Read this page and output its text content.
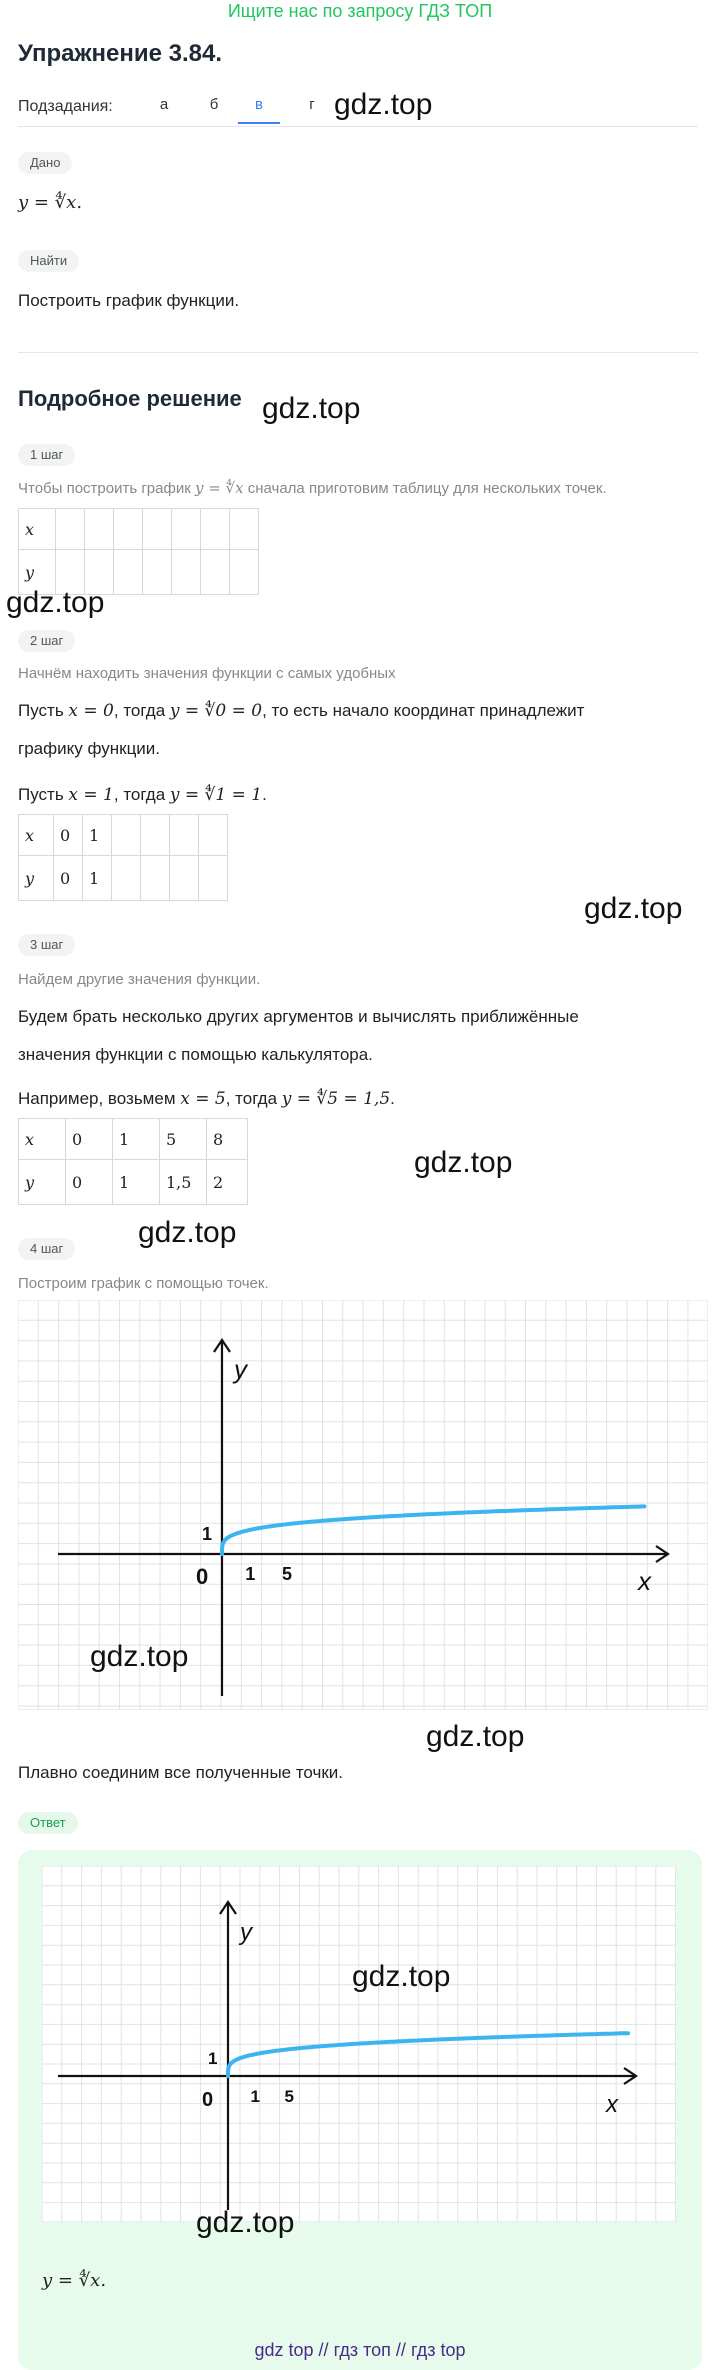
Ищите нас по запросу ГДЗ ТОП
Упражнение 3.84.
Подзадания:	а	б	в	г gdz.top
Дано
y = ∜x.
Найти
Построить график функции.
Подробное решение gdz.top
1 шаг
Чтобы построить график y = ∜x сначала приготовим таблицу для нескольких точек.
x							
y							
gdz.top
2 шаг
Начнём находить значения функции с самых удобных
Пусть x = 0, тогда y = ∜0 = 0, то есть начало координат принадлежит
графику функции.
Пусть x = 1, тогда y = ∜1 = 1.
x	0	1				
y	0	1				
gdz.top
3 шаг
Найдем другие значения функции.
Будем брать несколько других аргументов и вычислять приближённые
значения функции с помощью калькулятора.
Например, возьмем x = 5, тогда y = ∜5 = 1,5.
x	0	1	5	8
y	0	1	1,5	2
gdz.top
gdz.top
4 шаг
Построим график с помощью точек.
y
x
0
1
1 5
gdz.top
gdz.top
Плавно соединим все полученные точки.
Ответ
y
x
0
1
1 5
gdz.top
gdz.top
y = ∜x.
gdz top // гдз топ // гдз top
